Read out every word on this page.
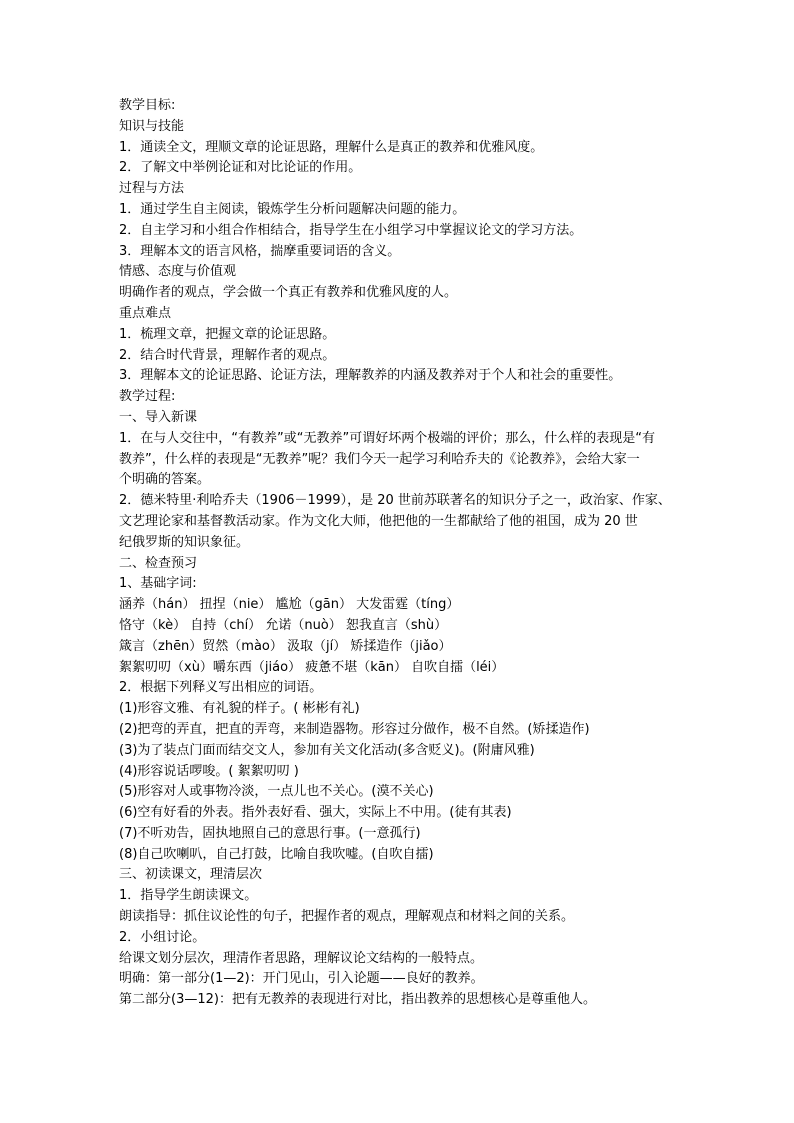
教学目标:
知识与技能
1．通读全文，理顺文章的论证思路，理解什么是真正的教养和优雅风度。
2．了解文中举例论证和对比论证的作用。
过程与方法
1．通过学生自主阅读，锻炼学生分析问题解决问题的能力。
2．自主学习和小组合作相结合，指导学生在小组学习中掌握议论文的学习方法。
3．理解本文的语言风格，揣摩重要词语的含义。
情感、态度与价值观
明确作者的观点，学会做一个真正有教养和优雅风度的人。
重点难点
1．梳理文章，把握文章的论证思路。
2．结合时代背景，理解作者的观点。
3．理解本文的论证思路、论证方法，理解教养的内涵及教养对于个人和社会的重要性。
教学过程:
一、导入新课
1．在与人交往中，“有教养”或“无教养”可谓好坏两个极端的评价；那么，什么样的表现是“有
教养”，什么样的表现是“无教养”呢？我们今天一起学习利哈乔夫的《论教养》，会给大家一
个明确的答案。
2．德米特里·利哈乔夫（1906－1999），是 20 世前苏联著名的知识分子之一，政治家、作家、
文艺理论家和基督教活动家。作为文化大师，他把他的一生都献给了他的祖国，成为 20 世
纪俄罗斯的知识象征。
二、检查预习
1、基础字词:
涵养（hán） 扭捏（nie） 尴尬（gān） 大发雷霆（tíng）
恪守（kè） 自持（chí） 允诺（nuò） 恕我直言（shù）
箴言（zhēn）贸然（mào） 汲取（jí） 矫揉造作（jiǎo）
絮絮叨叨（xù）嚼东西（jiáo） 疲惫不堪（kān） 自吹自擂（léi）
2．根据下列释义写出相应的词语。
(1)形容文雅、有礼貌的样子。( 彬彬有礼)
(2)把弯的弄直，把直的弄弯，来制造器物。形容过分做作，极不自然。(矫揉造作)
(3)为了装点门面而结交文人，参加有关文化活动(多含贬义)。(附庸风雅)
(4)形容说话啰唆。( 絮絮叨叨 )
(5)形容对人或事物冷淡，一点儿也不关心。(漠不关心)
(6)空有好看的外表。指外表好看、强大，实际上不中用。(徒有其表)
(7)不听劝告，固执地照自己的意思行事。(一意孤行)
(8)自己吹喇叭，自己打鼓，比喻自我吹嘘。(自吹自擂)
三、初读课文，理清层次
1．指导学生朗读课文。
朗读指导：抓住议论性的句子，把握作者的观点，理解观点和材料之间的关系。
2．小组讨论。
给课文划分层次，理清作者思路，理解议论文结构的一般特点。
明确：第一部分(1—2)：开门见山，引入论题——良好的教养。
第二部分(3—12)：把有无教养的表现进行对比，指出教养的思想核心是尊重他人。
